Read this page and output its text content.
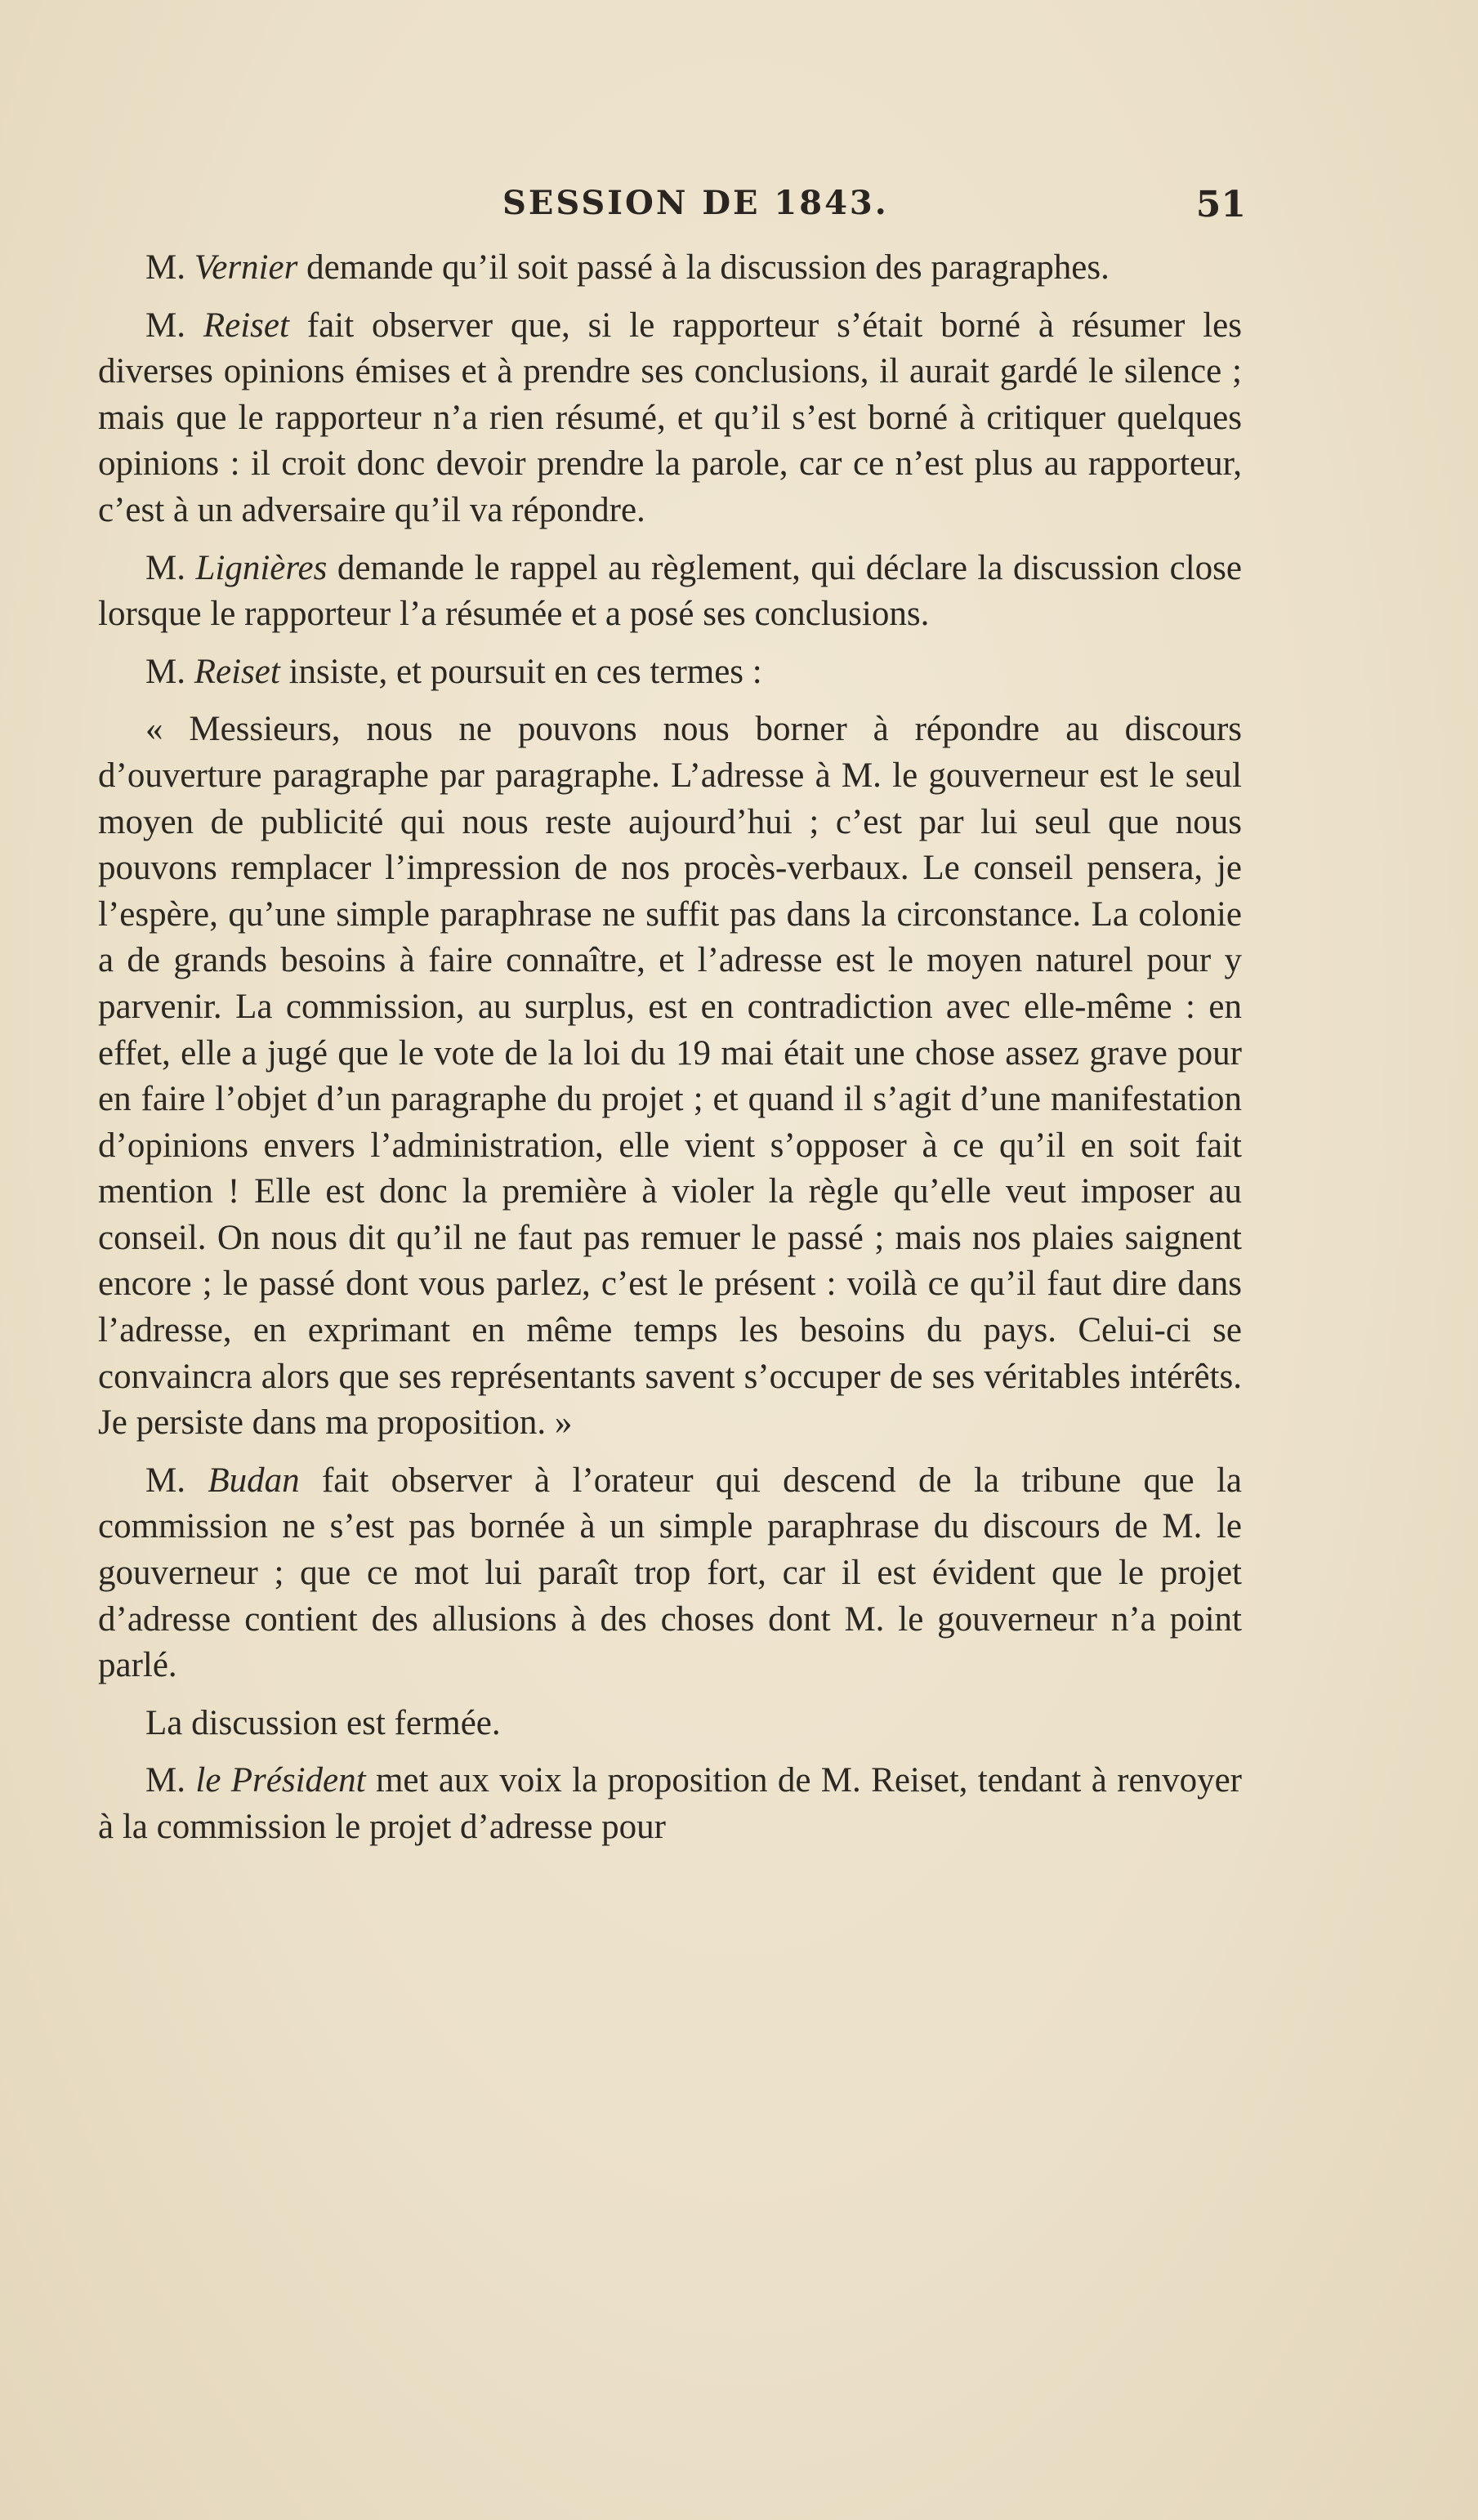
SESSION DE 1843.	51

M. Vernier demande qu’il soit passé à la discussion des paragraphes.

M. Reiset fait observer que, si le rapporteur s’était borné à résumer les diverses opinions émises et à prendre ses conclusions, il aurait gardé le silence ; mais que le rapporteur n’a rien résumé, et qu’il s’est borné à critiquer quelques opinions : il croit donc devoir prendre la parole, car ce n’est plus au rapporteur, c’est à un adversaire qu’il va répondre.

M. Lignières demande le rappel au règlement, qui déclare la discussion close lorsque le rapporteur l’a résumée et a posé ses conclusions.

M. Reiset insiste, et poursuit en ces termes :

« Messieurs, nous ne pouvons nous borner à répondre au discours d’ouverture paragraphe par paragraphe. L’adresse à M. le gouverneur est le seul moyen de publicité qui nous reste aujourd’hui ; c’est par lui seul que nous pouvons remplacer l’impression de nos procès-verbaux. Le conseil pensera, je l’espère, qu’une simple paraphrase ne suffit pas dans la circonstance. La colonie a de grands besoins à faire connaître, et l’adresse est le moyen naturel pour y parvenir. La commission, au surplus, est en contradiction avec elle-même : en effet, elle a jugé que le vote de la loi du 19 mai était une chose assez grave pour en faire l’objet d’un paragraphe du projet ; et quand il s’agit d’une manifestation d’opinions envers l’administration, elle vient s’opposer à ce qu’il en soit fait mention ! Elle est donc la première à violer la règle qu’elle veut imposer au conseil. On nous dit qu’il ne faut pas remuer le passé ; mais nos plaies saignent encore ; le passé dont vous parlez, c’est le présent : voilà ce qu’il faut dire dans l’adresse, en exprimant en même temps les besoins du pays. Celui-ci se convaincra alors que ses représentants savent s’occuper de ses véritables intérêts. Je persiste dans ma proposition. »

M. Budan fait observer à l’orateur qui descend de la tribune que la commission ne s’est pas bornée à un simple paraphrase du discours de M. le gouverneur ; que ce mot lui paraît trop fort, car il est évident que le projet d’adresse contient des allusions à des choses dont M. le gouverneur n’a point parlé.

La discussion est fermée.

M. le Président met aux voix la proposition de M. Reiset, tendant à renvoyer à la commission le projet d’adresse pour
